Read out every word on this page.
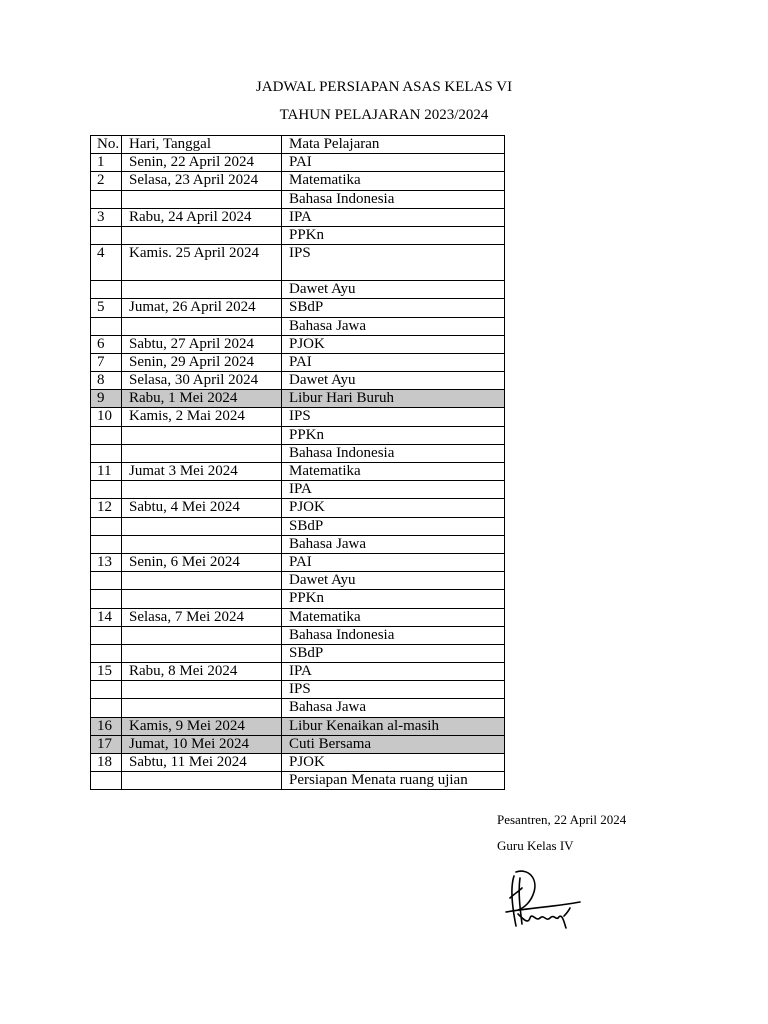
JADWAL PERSIAPAN ASAS KELAS VI
TAHUN PELAJARAN 2023/2024
No.	Hari, Tanggal	Mata Pelajaran
1	Senin, 22 April 2024	PAI
2	Selasa, 23 April 2024	Matematika
		Bahasa Indonesia
3	Rabu, 24 April 2024	IPA
		PPKn
4	Kamis. 25 April 2024	IPS
		Dawet Ayu
5	Jumat, 26 April 2024	SBdP
		Bahasa Jawa
6	Sabtu, 27 April 2024	PJOK
7	Senin, 29 April 2024	PAI
8	Selasa, 30 April 2024	Dawet Ayu
9	Rabu, 1 Mei 2024	Libur Hari Buruh
10	Kamis, 2 Mai 2024	IPS
		PPKn
		Bahasa Indonesia
11	Jumat 3 Mei 2024	Matematika
		IPA
12	Sabtu, 4 Mei 2024	PJOK
		SBdP
		Bahasa Jawa
13	Senin, 6 Mei 2024	PAI
		Dawet Ayu
		PPKn
14	Selasa, 7 Mei 2024	Matematika
		Bahasa Indonesia
		SBdP
15	Rabu, 8 Mei 2024	IPA
		IPS
		Bahasa Jawa
16	Kamis, 9 Mei 2024	Libur Kenaikan al-masih
17	Jumat, 10 Mei 2024	Cuti Bersama
18	Sabtu, 11 Mei 2024	PJOK
		Persiapan Menata ruang ujian
Pesantren, 22 April 2024
Guru Kelas IV
